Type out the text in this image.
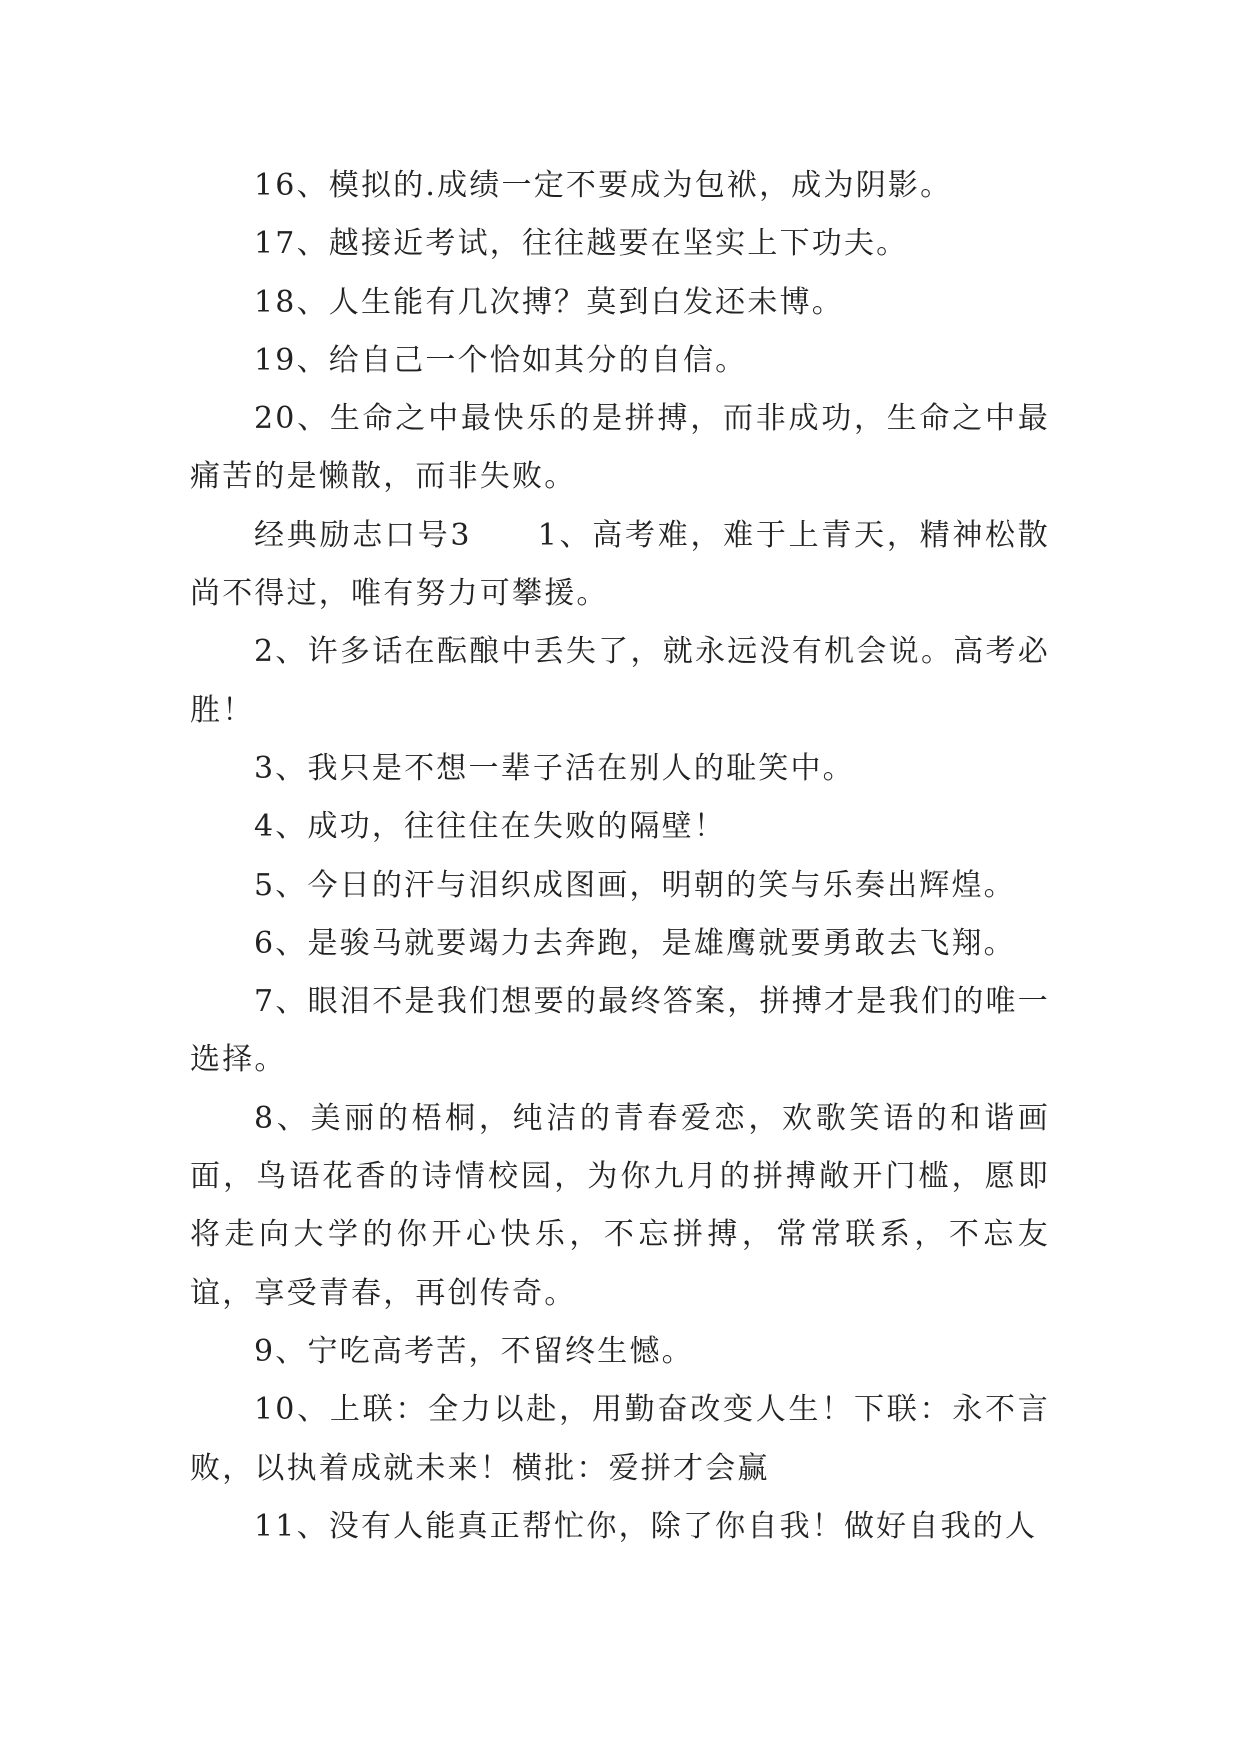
16、模拟的.成绩一定不要成为包袱，成为阴影。

17、越接近考试，往往越要在坚实上下功夫。

18、人生能有几次搏？莫到白发还未博。

19、给自己一个恰如其分的自信。

20、生命之中最快乐的是拼搏，而非成功，生命之中最痛苦的是懒散，而非失败。

经典励志口号3　　1、高考难，难于上青天，精神松散尚不得过，唯有努力可攀援。

2、许多话在酝酿中丢失了，就永远没有机会说。高考必胜！

3、我只是不想一辈子活在别人的耻笑中。

4、成功，往往住在失败的隔壁！

5、今日的汗与泪织成图画，明朝的笑与乐奏出辉煌。

6、是骏马就要竭力去奔跑，是雄鹰就要勇敢去飞翔。

7、眼泪不是我们想要的最终答案，拼搏才是我们的唯一选择。

8、美丽的梧桐，纯洁的青春爱恋，欢歌笑语的和谐画面，鸟语花香的诗情校园，为你九月的拼搏敞开门槛，愿即将走向大学的你开心快乐，不忘拼搏，常常联系，不忘友谊，享受青春，再创传奇。

9、宁吃高考苦，不留终生憾。

10、上联：全力以赴，用勤奋改变人生！下联：永不言败，以执着成就未来！横批：爱拼才会赢

11、没有人能真正帮忙你，除了你自我！做好自我的人
